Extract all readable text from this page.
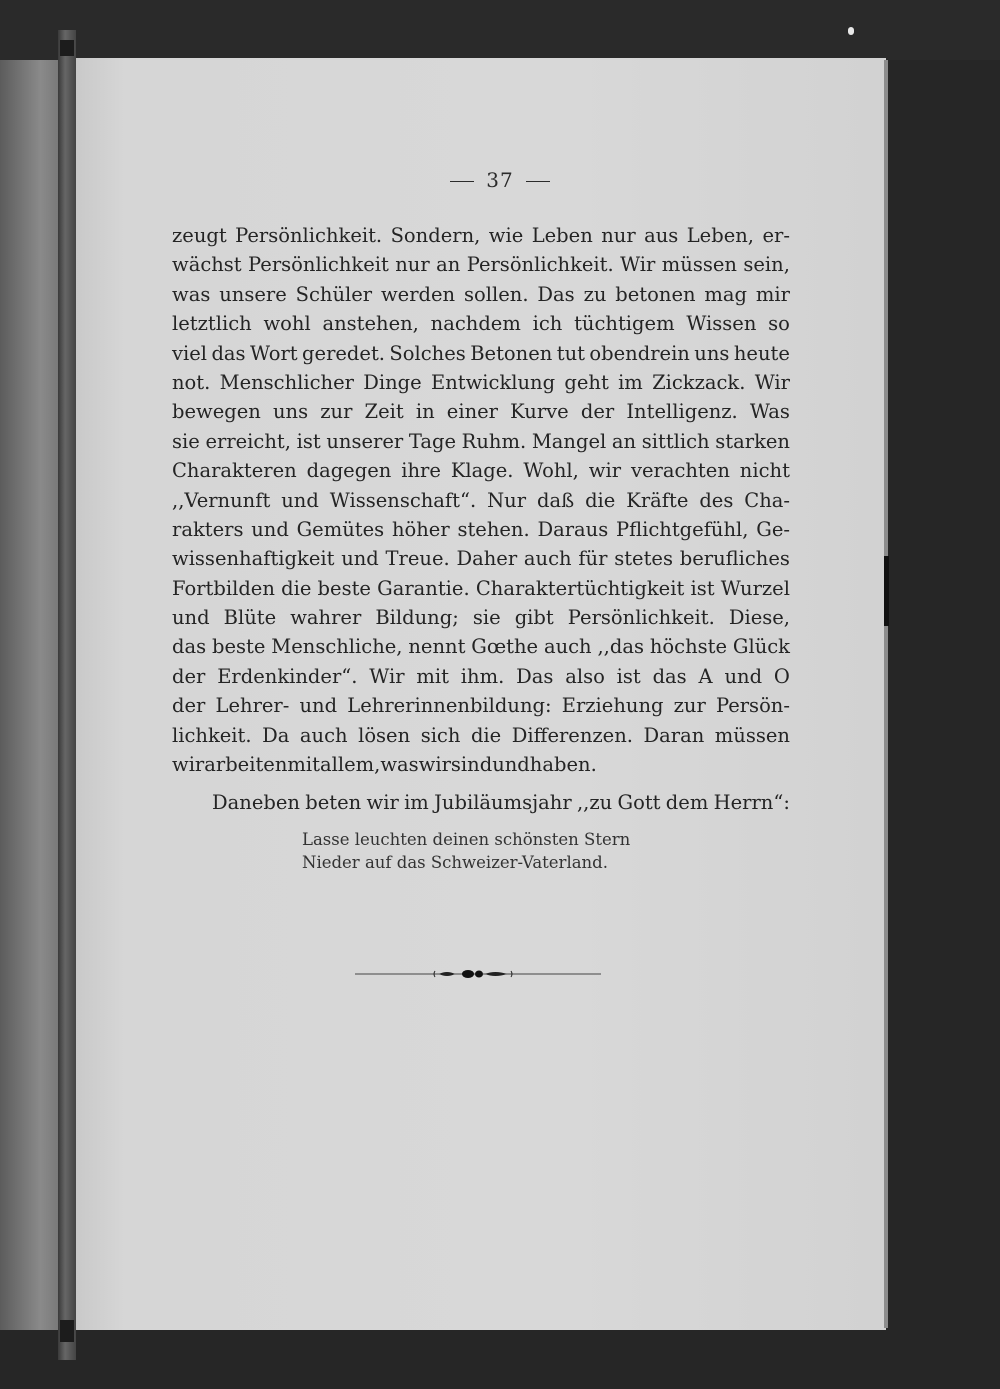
37
zeugt Persönlichkeit. Sondern, wie Leben nur aus Leben, er-
wächst Persönlichkeit nur an Persönlichkeit. Wir müssen sein,
was unsere Schüler werden sollen. Das zu betonen mag mir
letztlich wohl anstehen, nachdem ich tüchtigem Wissen so
viel das Wort geredet. Solches Betonen tut obendrein uns heute
not. Menschlicher Dinge Entwicklung geht im Zickzack. Wir
bewegen uns zur Zeit in einer Kurve der Intelligenz. Was
sie erreicht, ist unserer Tage Ruhm. Mangel an sittlich starken
Charakteren dagegen ihre Klage. Wohl, wir verachten nicht
,,Vernunft und Wissenschaft“. Nur daß die Kräfte des Cha-
rakters und Gemütes höher stehen. Daraus Pflichtgefühl, Ge-
wissenhaftigkeit und Treue. Daher auch für stetes berufliches
Fortbilden die beste Garantie. Charaktertüchtigkeit ist Wurzel
und Blüte wahrer Bildung; sie gibt Persönlichkeit. Diese,
das beste Menschliche, nennt Gœthe auch ,,das höchste Glück
der Erdenkinder“. Wir mit ihm. Das also ist das A und O
der Lehrer- und Lehrerinnenbildung: Erziehung zur Persön-
lichkeit. Da auch lösen sich die Differenzen. Daran müssen
wir arbeiten mit allem, was wir sind und haben.
Daneben beten wir im Jubiläumsjahr ,,zu Gott dem Herrn“:
Lasse leuchten deinen schönsten Stern
Nieder auf das Schweizer-Vaterland.
